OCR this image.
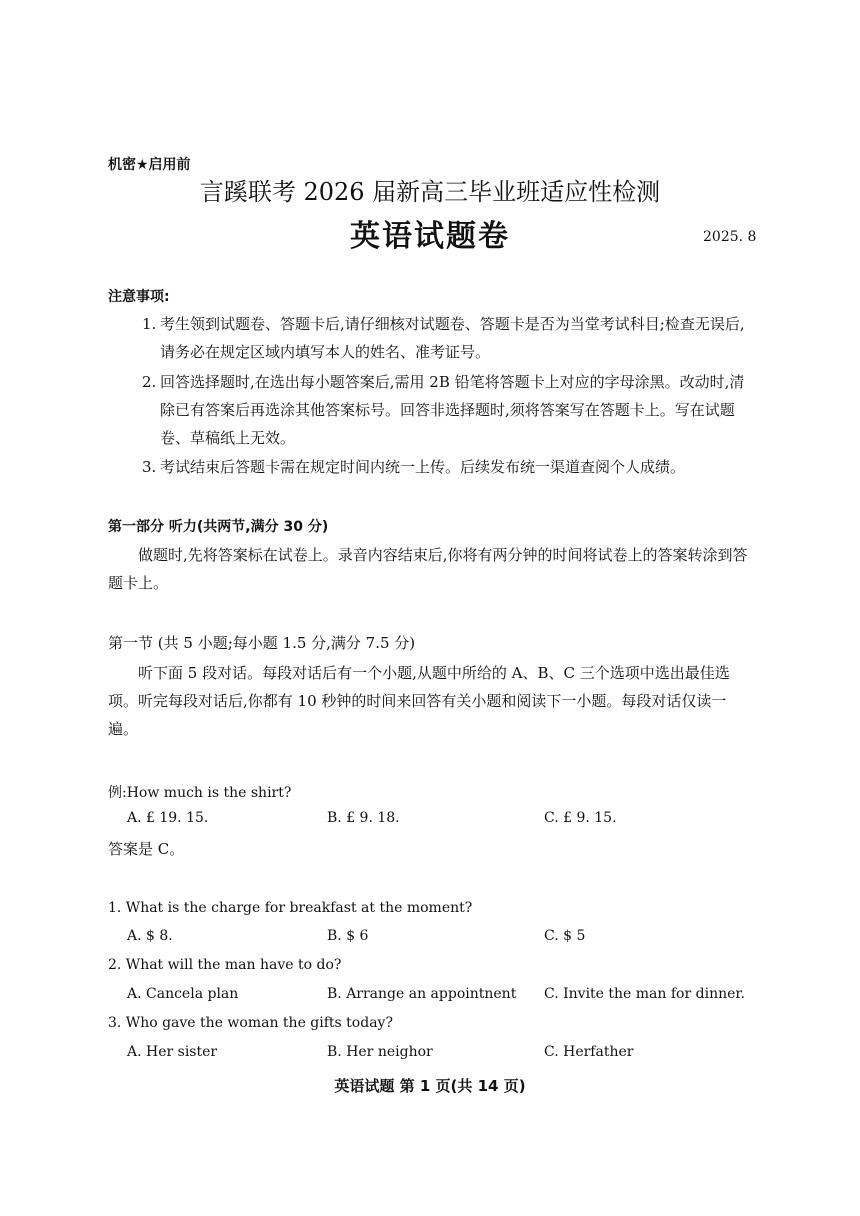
机密★启用前
言蹊联考 2026 届新高三毕业班适应性检测
英语试题卷	2025. 8
注意事项:
1. 考生领到试题卷、答题卡后,请仔细核对试题卷、答题卡是否为当堂考试科目;检查无误后,请务必在规定区域内填写本人的姓名、准考证号。
2. 回答选择题时,在选出每小题答案后,需用 2B 铅笔将答题卡上对应的字母涂黑。改动时,清除已有答案后再选涂其他答案标号。回答非选择题时,须将答案写在答题卡上。写在试题卷、草稿纸上无效。
3. 考试结束后答题卡需在规定时间内统一上传。后续发布统一渠道查阅个人成绩。
第一部分 听力(共两节,满分 30 分)
做题时,先将答案标在试卷上。录音内容结束后,你将有两分钟的时间将试卷上的答案转涂到答题卡上。
第一节 (共 5 小题;每小题 1.5 分,满分 7.5 分)
听下面 5 段对话。每段对话后有一个小题,从题中所给的 A、B、C 三个选项中选出最佳选项。听完每段对话后,你都有 10 秒钟的时间来回答有关小题和阅读下一小题。每段对话仅读一遍。
例:How much is the shirt?
A. £ 19. 15.	B. £ 9. 18.	C. £ 9. 15.
答案是 C。
1. What is the charge for breakfast at the moment?
A. $ 8.	B. $ 6	C. $ 5
2. What will the man have to do?
A. Cancela plan	B. Arrange an appointnent C. Invite the man for dinner.
3. Who gave the woman the gifts today?
A. Her sister	B. Her neighor	C. Herfather
英语试题 第 1 页(共 14 页)
